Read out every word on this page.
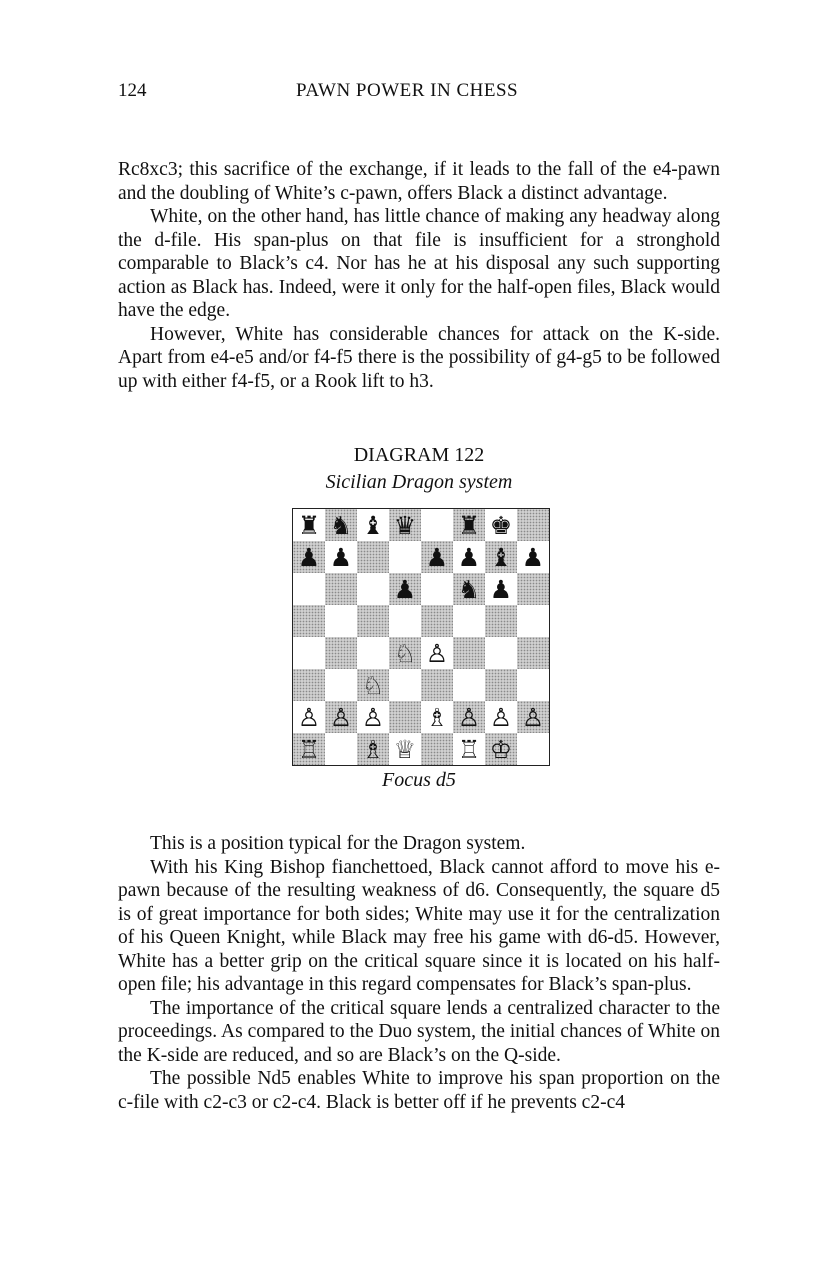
124	PAWN POWER IN CHESS

Rc8xc3; this sacrifice of the exchange, if it leads to the fall of the e4-pawn and the doubling of White’s c-pawn, offers Black a distinct advantage.

White, on the other hand, has little chance of making any headway along the d-file. His span-plus on that file is insufficient for a stronghold comparable to Black’s c4. Nor has he at his disposal any such supporting action as Black has. Indeed, were it only for the half-open files, Black would have the edge.

However, White has considerable chances for attack on the K-side. Apart from e4-e5 and/or f4-f5 there is the possibility of g4-g5 to be followed up with either f4-f5, or a Rook lift to h3.

DIAGRAM 122
Sicilian Dragon system
♜ ♞ ♝ ♛ ♜ ♚
♟ ♟	♟ ♟ ♝ ♟
♟ ♞ ♟
♘ ♙
♘
♙ ♙ ♙ ♗ ♙ ♙ ♙
♖ ♗ ♕ ♖ ♔
Focus d5

This is a position typical for the Dragon system.

With his King Bishop fianchettoed, Black cannot afford to move his e-pawn because of the resulting weakness of d6. Consequently, the square d5 is of great importance for both sides; White may use it for the centralization of his Queen Knight, while Black may free his game with d6-d5. However, White has a better grip on the critical square since it is located on his half-open file; his advantage in this regard compensates for Black’s span-plus.

The importance of the critical square lends a centralized character to the proceedings. As compared to the Duo system, the initial chances of White on the K-side are reduced, and so are Black’s on the Q-side.

The possible Nd5 enables White to improve his span proportion on the c-file with c2-c3 or c2-c4. Black is better off if he prevents c2-c4
